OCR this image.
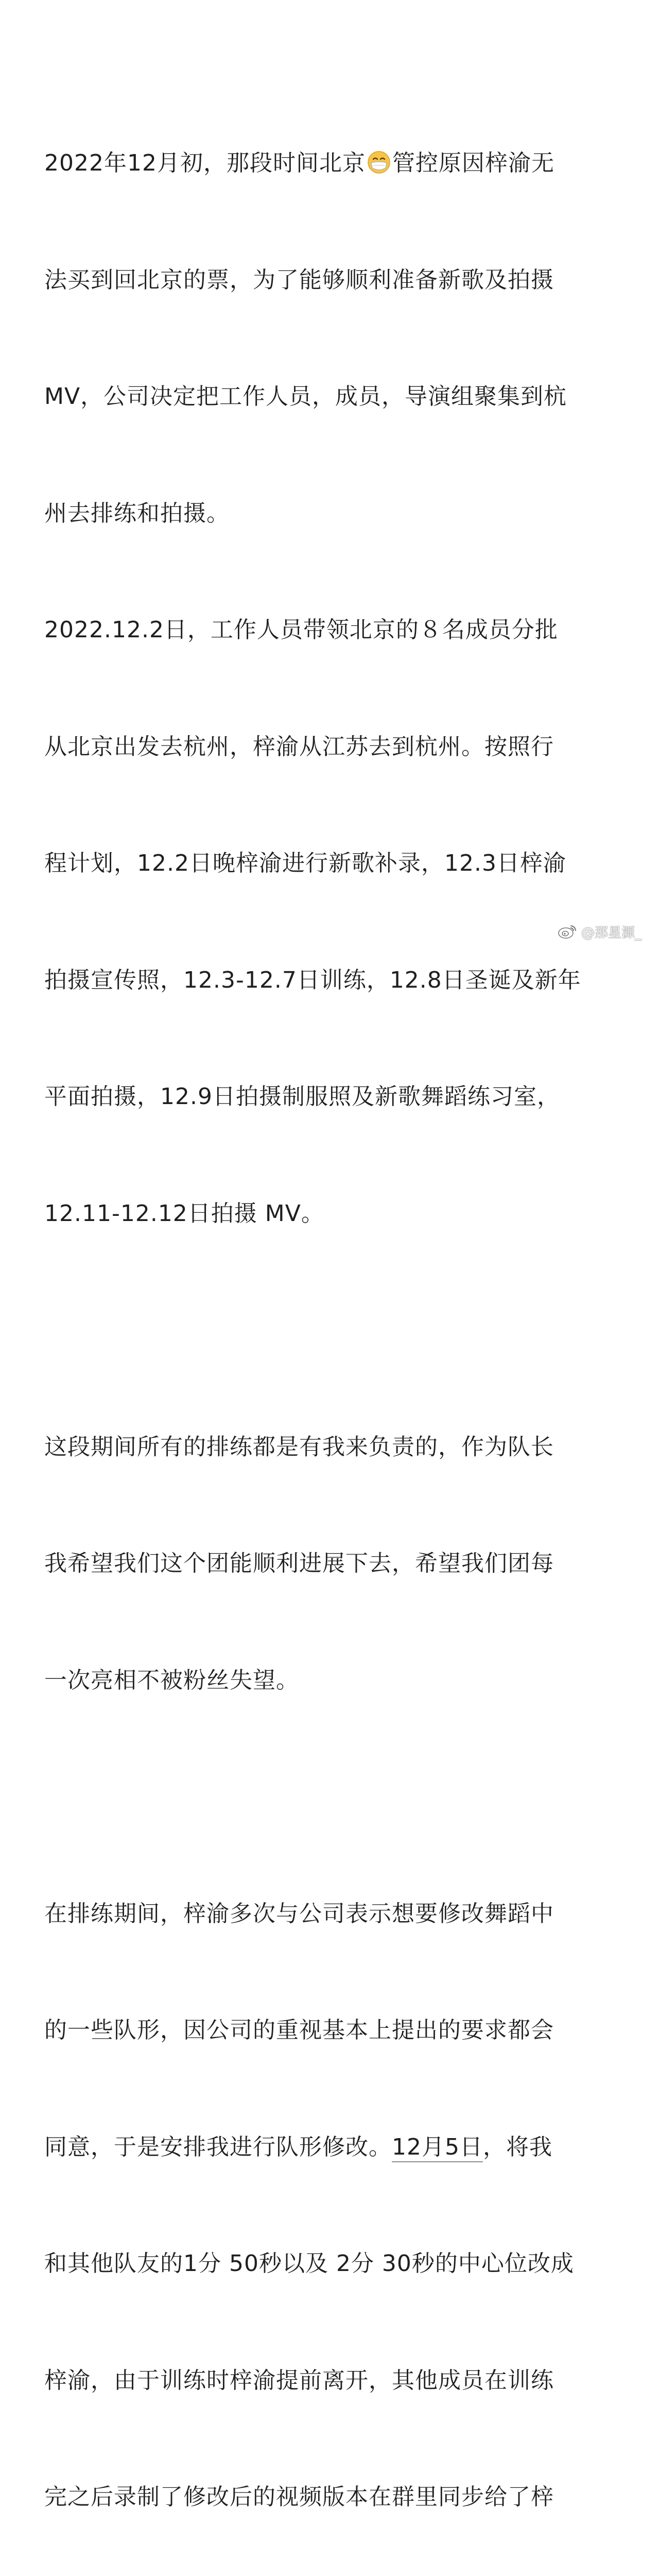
2022年12月初，那段时间北京 管控原因梓渝无

法买到回北京的票，为了能够顺利准备新歌及拍摄

MV，公司决定把工作人员，成员，导演组聚集到杭

州去排练和拍摄。

2022.12.2日，工作人员带领北京的８名成员分批

从北京出发去杭州，梓渝从江苏去到杭州。按照行

程计划，12.2日晚梓渝进行新歌补录，12.3日梓渝

拍摄宣传照，12.3-12.7日训练，12.8日圣诞及新年

平面拍摄，12.9日拍摄制服照及新歌舞蹈练习室，

12.11-12.12日拍摄 MV。

这段期间所有的排练都是有我来负责的，作为队长

我希望我们这个团能顺利进展下去，希望我们团每

一次亮相不被粉丝失望。

在排练期间，梓渝多次与公司表示想要修改舞蹈中

的一些队形，因公司的重视基本上提出的要求都会

同意，于是安排我进行队形修改。12月5日，将我

和其他队友的1分 50秒以及 2分 30秒的中心位改成

梓渝，由于训练时梓渝提前离开，其他成员在训练

完之后录制了修改后的视频版本在群里同步给了梓

@那星源_
